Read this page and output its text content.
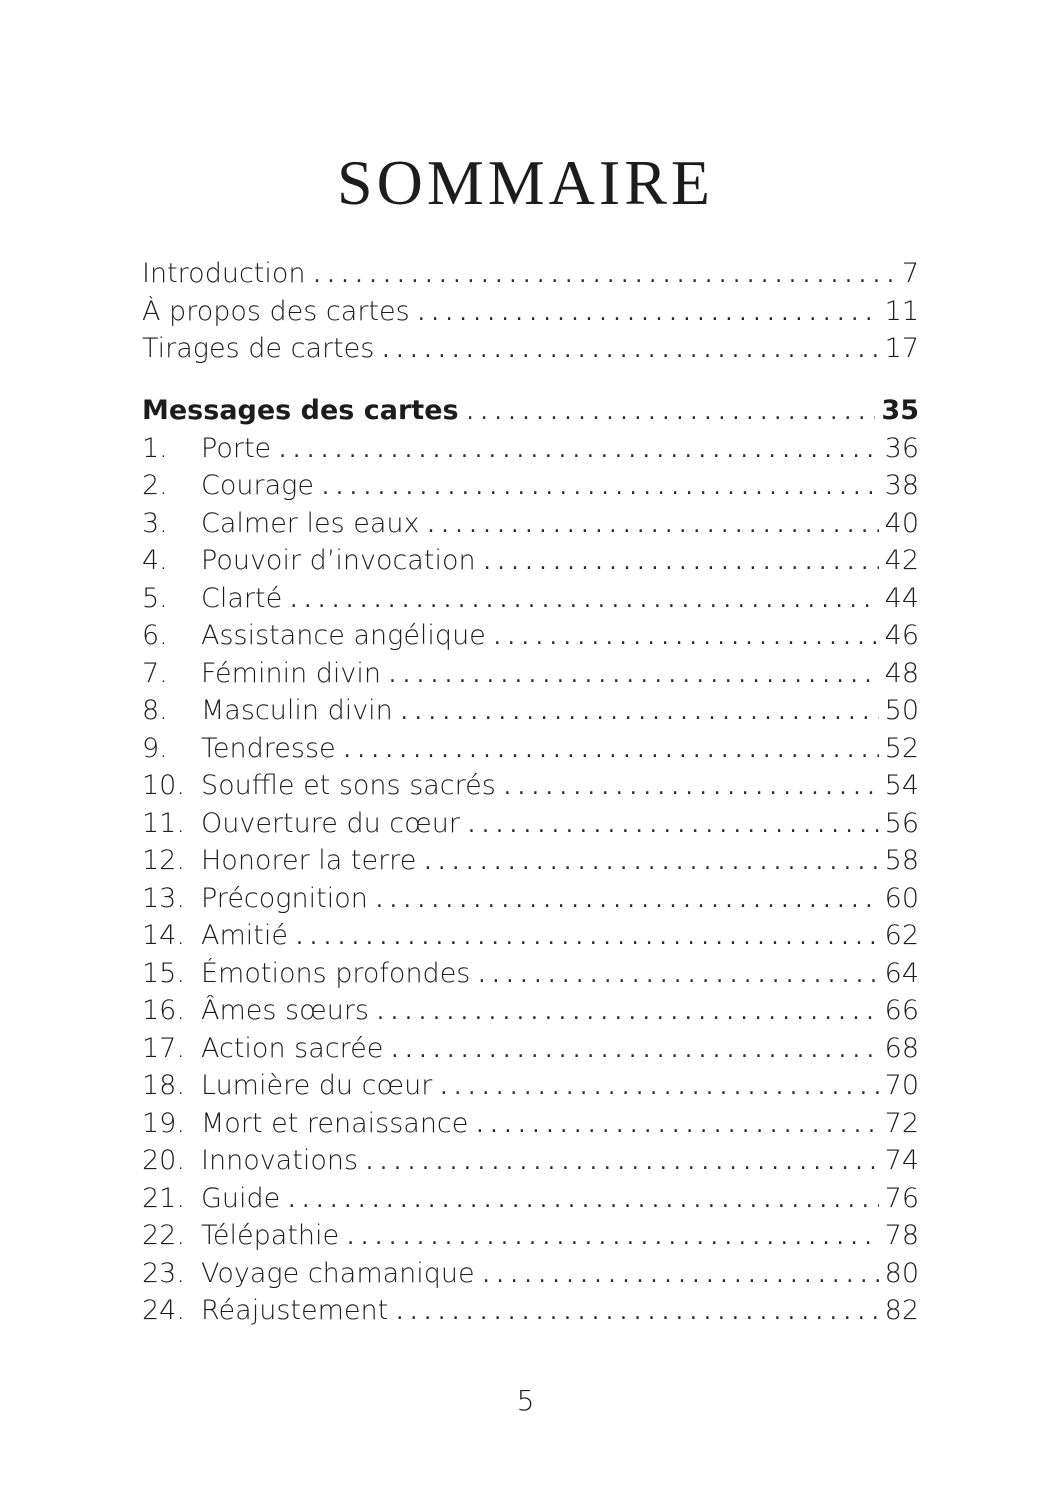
SOMMAIRE
Introduction . . .	7
À propos des cartes . . .	11
Tirages de cartes . . .	17
Messages des cartes . . .	35
1.	Porte . . .	36
2.	Courage . . .	38
3.	Calmer les eaux . . .	40
4.	Pouvoir d’invocation . . .	42
5.	Clarté . . .	44
6.	Assistance angélique . . .	46
7.	Féminin divin . . .	48
8.	Masculin divin . . .	50
9.	Tendresse . . .	52
10. Souffle et sons sacrés . . .	54
11. Ouverture du cœur . . .	56
12. Honorer la terre . . .	58
13. Précognition . . .	60
14. Amitié . . .	62
15. Émotions profondes . . .	64
16. Âmes sœurs . . .	66
17. Action sacrée . . .	68
18. Lumière du cœur . . .	70
19. Mort et renaissance . . .	72
20. Innovations . . .	74
21. Guide . . .	76
22. Télépathie . . .	78
23. Voyage chamanique . . .	80
24. Réajustement . . .	82

5
